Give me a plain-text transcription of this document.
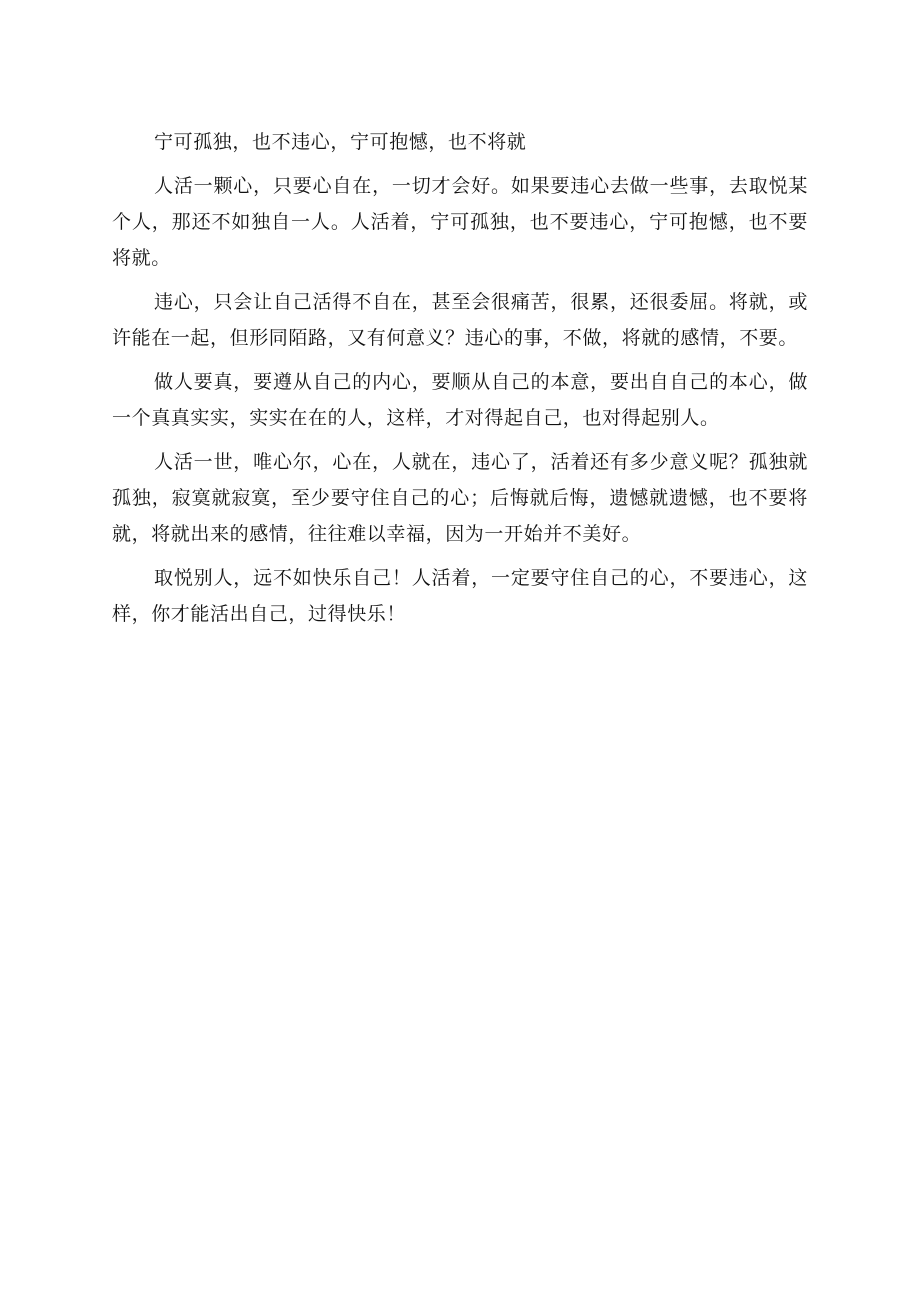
宁可孤独，也不违心，宁可抱憾，也不将就

人活一颗心，只要心自在，一切才会好。如果要违心去做一些事，去取悦某个人，那还不如独自一人。人活着，宁可孤独，也不要违心，宁可抱憾，也不要将就。

违心，只会让自己活得不自在，甚至会很痛苦，很累，还很委屈。将就，或许能在一起，但形同陌路，又有何意义？违心的事，不做，将就的感情，不要。

做人要真，要遵从自己的内心，要顺从自己的本意，要出自自己的本心，做一个真真实实，实实在在的人，这样，才对得起自己，也对得起别人。

人活一世，唯心尔，心在，人就在，违心了，活着还有多少意义呢？孤独就孤独，寂寞就寂寞，至少要守住自己的心；后悔就后悔，遗憾就遗憾，也不要将就，将就出来的感情，往往难以幸福，因为一开始并不美好。

取悦别人，远不如快乐自己！人活着，一定要守住自己的心，不要违心，这样，你才能活出自己，过得快乐！
